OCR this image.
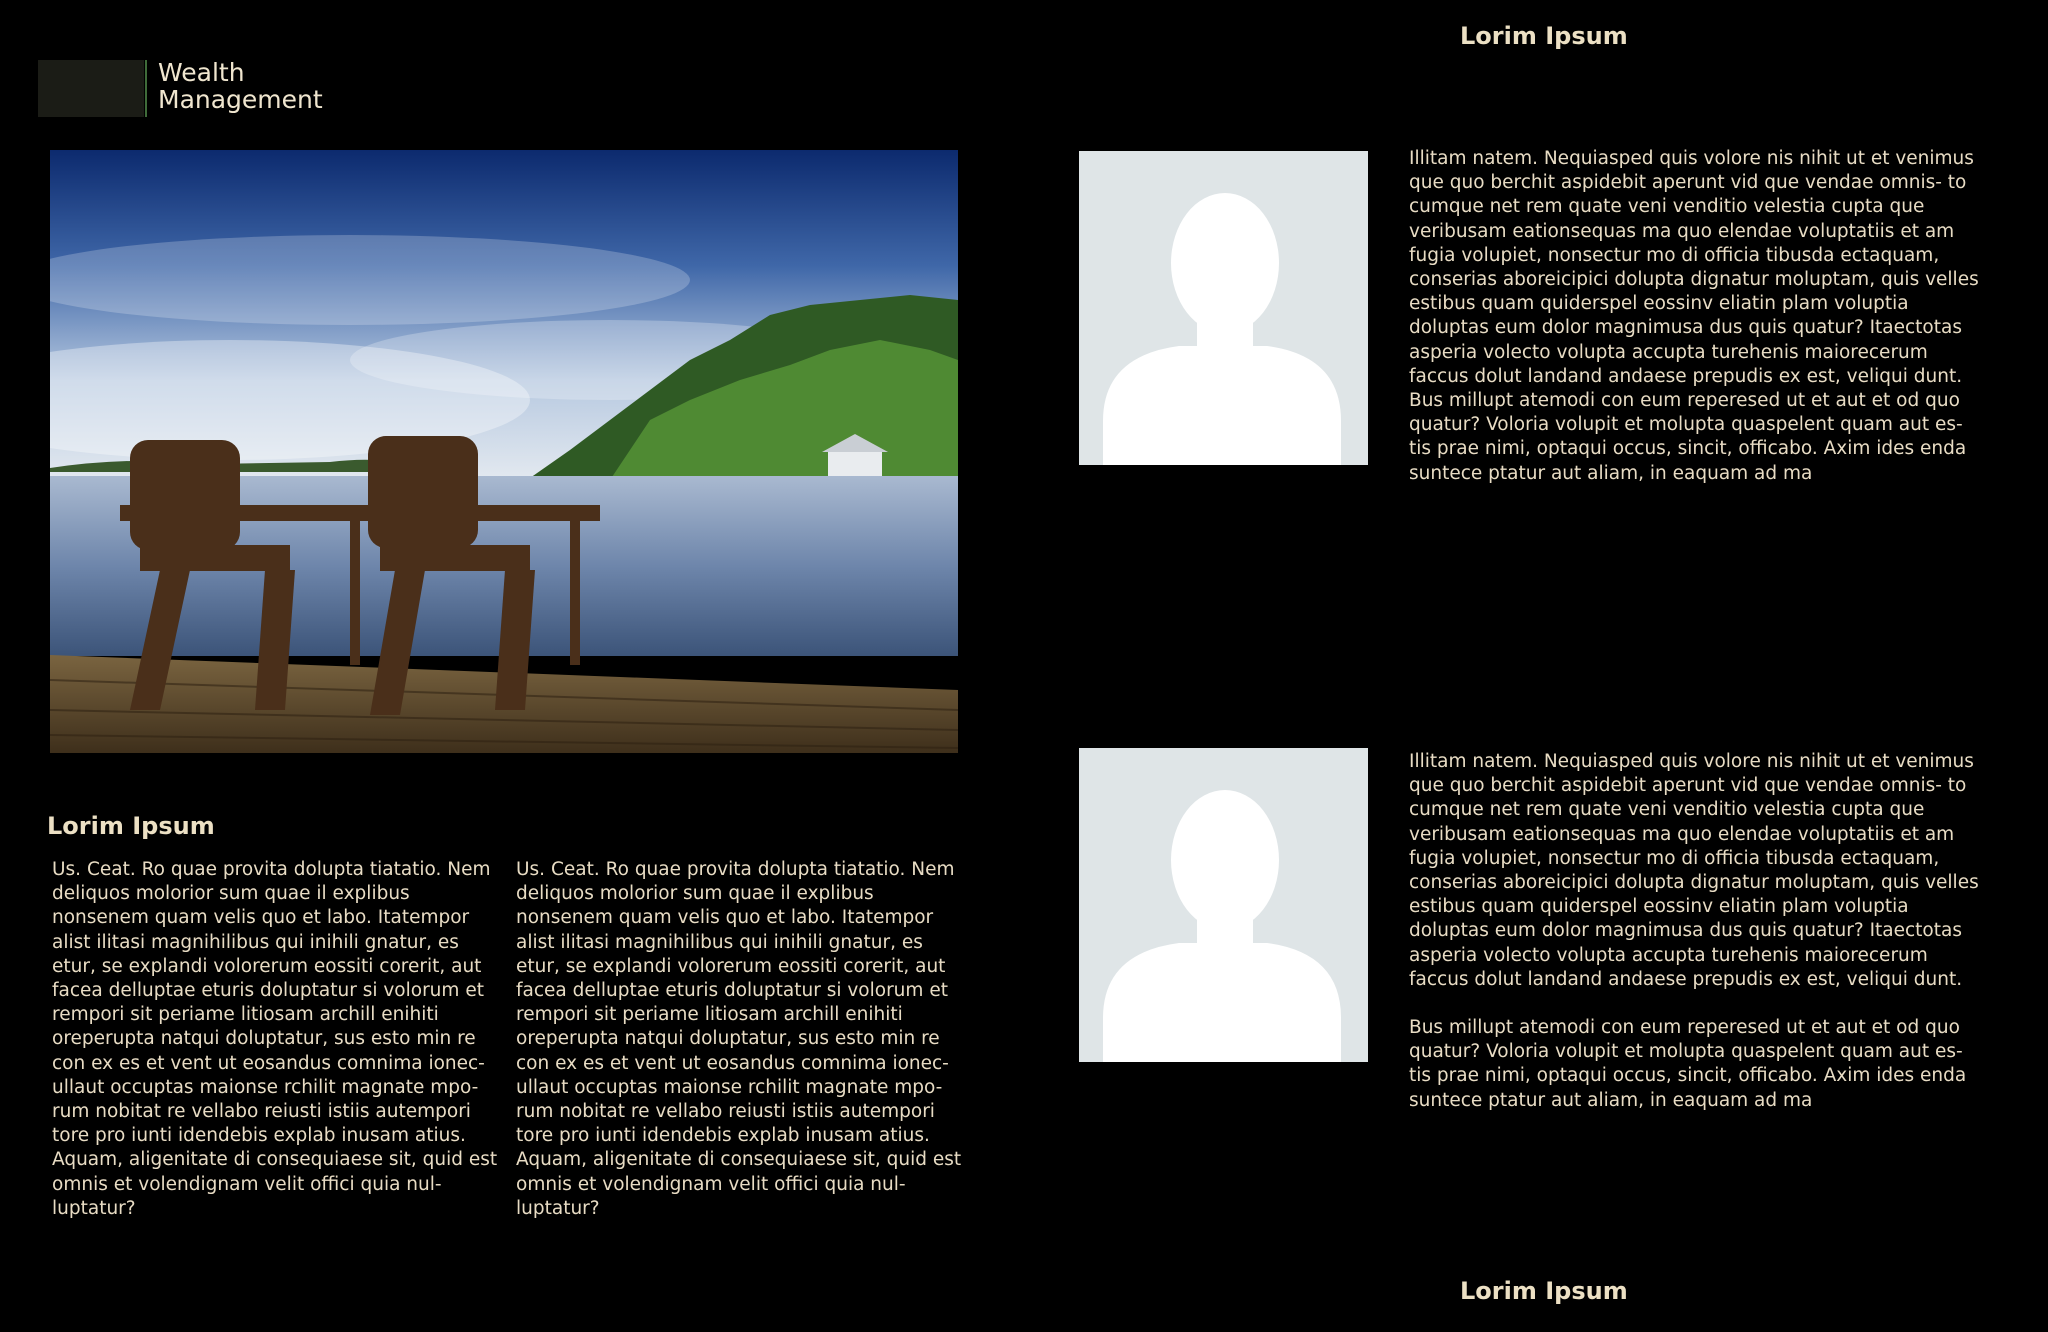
Wealth
Management
Lorim Ipsum
Lorim Ipsum
Lorim Ipsum
Us. Ceat. Ro quae provita dolupta tiatatio. Nem deliquos molorior sum quae il explibus nonsenem quam velis quo et labo. Itatempor alist ilitasi magnihilibus qui inihili gnatur, es etur, se explandi volorerum eossiti corerit, aut facea delluptae eturis doluptatur si volorum et rempori sit periame litiosam archill enihiti oreperupta natqui doluptatur, sus esto min re con ex es et vent ut eosandus comnima ionec- ullaut occuptas maionse rchilit magnate mpo- rum nobitat re vellabo reiusti istiis autempori tore pro iunti idendebis explab inusam atius. Aquam, aligenitate di consequiaese sit, quid est omnis et volendignam velit offici quia nul- luptatur?
Us. Ceat. Ro quae provita dolupta tiatatio. Nem deliquos molorior sum quae il explibus nonsenem quam velis quo et labo. Itatempor alist ilitasi magnihilibus qui inihili gnatur, es etur, se explandi volorerum eossiti corerit, aut facea delluptae eturis doluptatur si volorum et rempori sit periame litiosam archill enihiti oreperupta natqui doluptatur, sus esto min re con ex es et vent ut eosandus comnima ionec- ullaut occuptas maionse rchilit magnate mpo- rum nobitat re vellabo reiusti istiis autempori tore pro iunti idendebis explab inusam atius. Aquam, aligenitate di consequiaese sit, quid est omnis et volendignam velit offici quia nul- luptatur?
Illitam natem. Nequiasped quis volore nis nihit ut et venimus que quo berchit aspidebit aperunt vid que vendae omnis- to cumque net rem quate veni venditio velestia cupta que veribusam eationsequas ma quo elendae voluptatiis et am fugia volupiet, nonsectur mo di officia tibusda ectaquam, conserias aboreicipici dolupta dignatur moluptam, quis velles estibus quam quiderspel eossinv eliatin plam voluptia doluptas eum dolor magnimusa dus quis quatur? Itaectotas asperia volecto volupta accupta turehenis maiorecerum faccus dolut landand andaese prepudis ex est, veliqui dunt.
Bus millupt atemodi con eum reperesed ut et aut et od quo quatur? Voloria volupit et molupta quaspelent quam aut es- tis prae nimi, optaqui occus, sincit, officabo. Axim ides enda suntece ptatur aut aliam, in eaquam ad ma
Illitam natem. Nequiasped quis volore nis nihit ut et venimus que quo berchit aspidebit aperunt vid que vendae omnis- to cumque net rem quate veni venditio velestia cupta que veribusam eationsequas ma quo elendae voluptatiis et am fugia volupiet, nonsectur mo di officia tibusda ectaquam, conserias aboreicipici dolupta dignatur moluptam, quis velles estibus quam quiderspel eossinv eliatin plam voluptia doluptas eum dolor magnimusa dus quis quatur? Itaectotas asperia volecto volupta accupta turehenis maiorecerum faccus dolut landand andaese prepudis ex est, veliqui dunt.
Bus millupt atemodi con eum reperesed ut et aut et od quo quatur? Voloria volupit et molupta quaspelent quam aut es- tis prae nimi, optaqui occus, sincit, officabo. Axim ides enda suntece ptatur aut aliam, in eaquam ad ma
